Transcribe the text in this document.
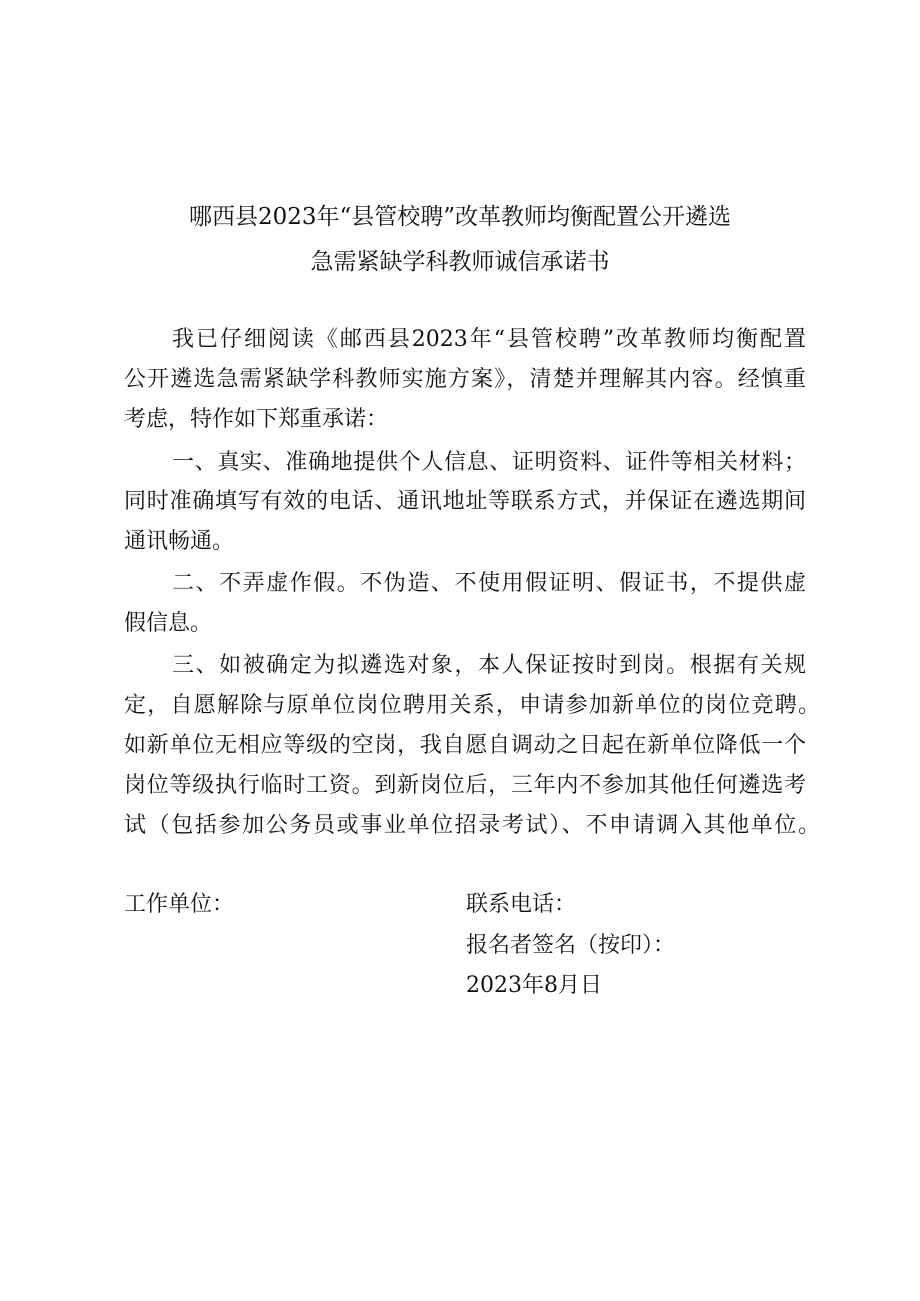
哪西县2023年“县管校聘”改革教师均衡配置公开遴选
急需紧缺学科教师诚信承诺书
我已仔细阅读《邮西县2023年“县管校聘”改革教师均衡配置
公开遴选急需紧缺学科教师实施方案》，清楚并理解其内容。经慎重
考虑，特作如下郑重承诺：
一、真实、准确地提供个人信息、证明资料、证件等相关材料；
同时准确填写有效的电话、通讯地址等联系方式，并保证在遴选期间
通讯畅通。
二、不弄虚作假。不伪造、不使用假证明、假证书，不提供虚
假信息。
三、如被确定为拟遴选对象，本人保证按时到岗。根据有关规
定，自愿解除与原单位岗位聘用关系，申请参加新单位的岗位竞聘。
如新单位无相应等级的空岗，我自愿自调动之日起在新单位降低一个
岗位等级执行临时工资。到新岗位后，三年内不参加其他任何遴选考
试（包括参加公务员或事业单位招录考试）、不申请调入其他单位。
工作单位：	联系电话：
报名者签名（按印）：
2023年8月日
